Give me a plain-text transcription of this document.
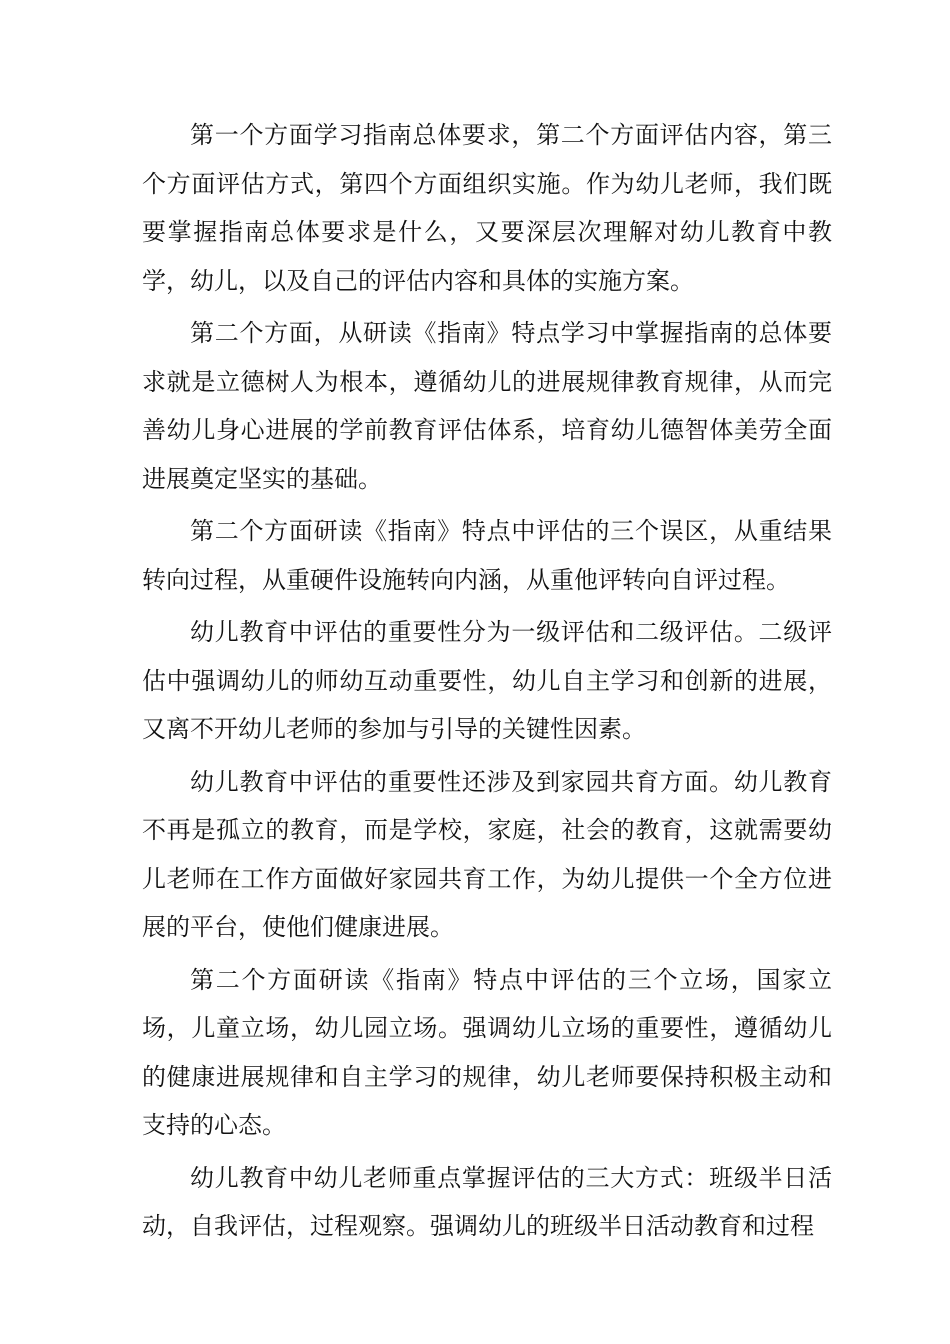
第一个方面学习指南总体要求，第二个方面评估内容，第三个方面评估方式，第四个方面组织实施。作为幼儿老师，我们既要掌握指南总体要求是什么，又要深层次理解对幼儿教育中教学，幼儿，以及自己的评估内容和具体的实施方案。

第二个方面，从研读《指南》特点学习中掌握指南的总体要求就是立德树人为根本，遵循幼儿的进展规律教育规律，从而完善幼儿身心进展的学前教育评估体系，培育幼儿德智体美劳全面进展奠定坚实的基础。

第二个方面研读《指南》特点中评估的三个误区，从重结果转向过程，从重硬件设施转向内涵，从重他评转向自评过程。

幼儿教育中评估的重要性分为一级评估和二级评估。二级评估中强调幼儿的师幼互动重要性，幼儿自主学习和创新的进展，又离不开幼儿老师的参加与引导的关键性因素。

幼儿教育中评估的重要性还涉及到家园共育方面。幼儿教育不再是孤立的教育，而是学校，家庭，社会的教育，这就需要幼儿老师在工作方面做好家园共育工作，为幼儿提供一个全方位进展的平台，使他们健康进展。

第二个方面研读《指南》特点中评估的三个立场，国家立场，儿童立场，幼儿园立场。强调幼儿立场的重要性，遵循幼儿的健康进展规律和自主学习的规律，幼儿老师要保持积极主动和支持的心态。

幼儿教育中幼儿老师重点掌握评估的三大方式：班级半日活动，自我评估，过程观察。强调幼儿的班级半日活动教育和过程
